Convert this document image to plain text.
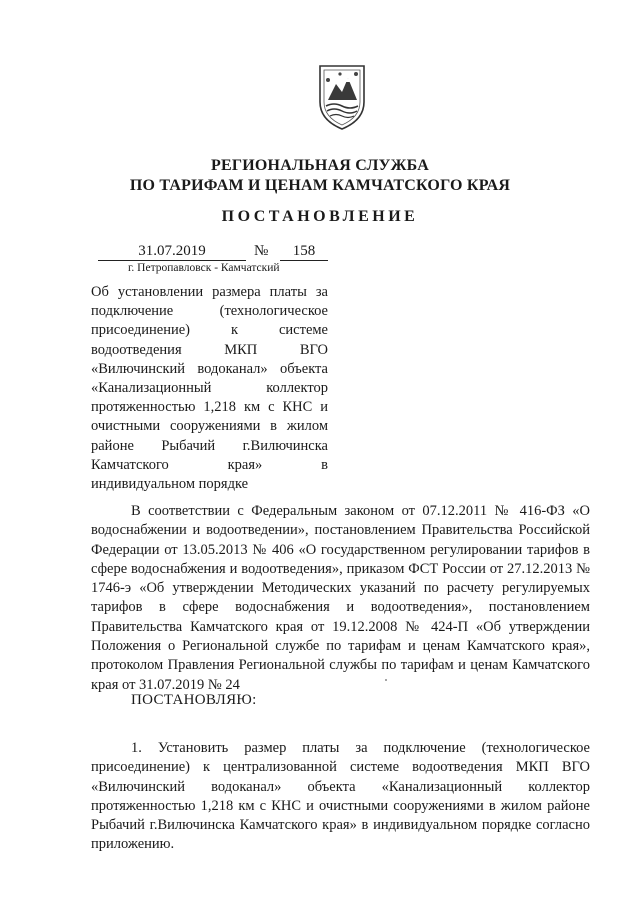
РЕГИОНАЛЬНАЯ СЛУЖБА
ПО ТАРИФАМ И ЦЕНАМ КАМЧАТСКОГО КРАЯ
ПОСТАНОВЛЕНИЕ
31.07.2019	№	158
г. Петропавловск - Камчатский
Об установлении размера платы за подключение (технологическое присоединение) к системе водоотведения МКП ВГО «Вилючинский водоканал» объекта «Канализационный коллектор протяженностью 1,218 км с КНС и очистными сооружениями в жилом районе Рыбачий г.Вилючинска Камчатского края» в
индивидуальном порядке
В соответствии с Федеральным законом от 07.12.2011 № 416-ФЗ «О водоснабжении и водоотведении», постановлением Правительства Российской Федерации от 13.05.2013 № 406 «О государственном регулировании тарифов в сфере водоснабжения и водоотведения», приказом ФСТ России от 27.12.2013 № 1746-э «Об утверждении Методических указаний по расчету регулируемых тарифов в сфере водоснабжения и водоотведения», постановлением Правительства Камчатского края от 19.12.2008 № 424-П «Об утверждении Положения о Региональной службе по тарифам и ценам Камчатского края», протоколом Правления Региональной службы по тарифам и ценам Камчатского края от 31.07.2019 № 24
ПОСТАНОВЛЯЮ:
1. Установить размер платы за подключение (технологическое присоединение) к централизованной системе водоотведения МКП ВГО «Вилючинский водоканал» объекта «Канализационный коллектор протяженностью 1,218 км с КНС и очистными сооружениями в жилом районе Рыбачий г.Вилючинска Камчатского края» в индивидуальном порядке согласно приложению.
